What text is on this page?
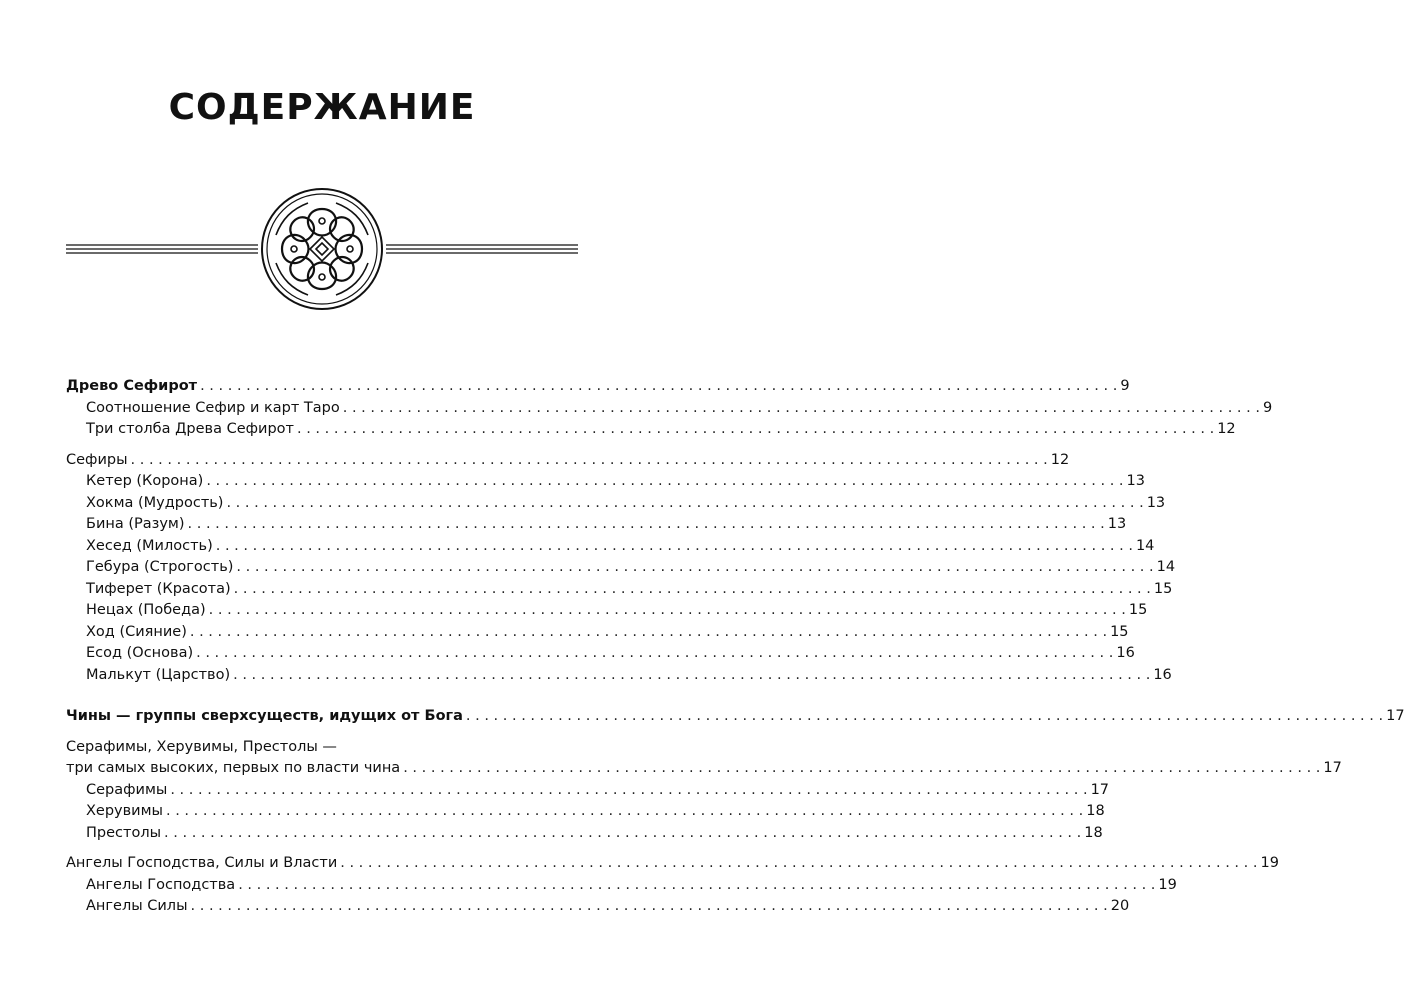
СОДЕРЖАНИЕ
Древо Сефирот . . .	9
Соотношение Сефир и карт Таро . . .	9
Три столба Древа Сефирот . . .	12
Сефиры . . .	12
Кетер (Корона) . . .	13
Хокма (Мудрость) . . .	13
Бина (Разум) . . .	13
Хесед (Милость) . . .	14
Гебура (Строгость) . . .	14
Тиферет (Красота) . . .	15
Нецах (Победа) . . .	15
Ход (Сияние) . . .	15
Есод (Основа) . . .	16
Малькут (Царство) . . .	16
Чины — группы сверхсуществ, идущих от Бога . . .	17
Серафимы, Херувимы, Престолы —
три самых высоких, первых по власти чина . . .	17
Серафимы . . .	17
Херувимы . . .	18
Престолы . . .	18
Ангелы Господства, Силы и Власти . . .	19
Ангелы Господства . . .	19
Ангелы Силы . . .	20
